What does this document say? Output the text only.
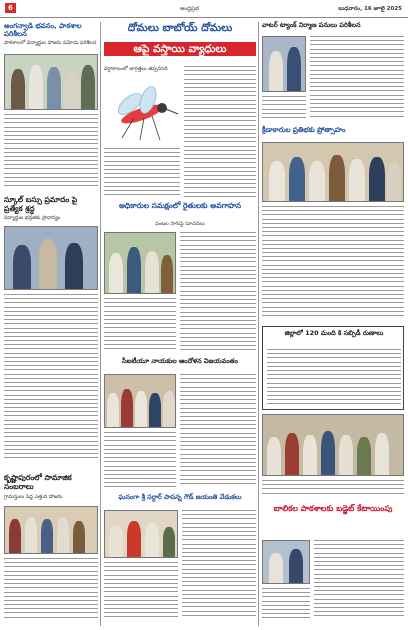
6	ఆంధ్రప్రభ	బుధవారం, 16 జూలై 2025
అంగన్వాడి భవనం, పాఠశాల పరిశీలన
పాఠశాలలో విద్యార్థుల హాజరు నమోదు పరిశీలన
స్కూల్ బస్సు ప్రమాదం పై ప్రత్యేక శ్రద్ధ
విద్యార్థుల భద్రతకు ప్రాధాన్యం
కృష్ణాపురంలో సామాజిక సంబరాలు
గ్రామస్తులు పెద్ద ఎత్తున హాజరు
దోమలు బాబోయ్ దోమలు
ఆపై వస్తాయి వ్యాధులు
వర్షాకాలంలో జాగ్రత్తలు తప్పనిసరి
అధికారుల సమక్షంలో రైతులకు అవగాహన
పంటల సాగుపై సూచనలు
సీఐటీయూ నాయకుల ఆందోళన విజయవంతం
ఘనంగా శ్రీ సర్దార్ పాపన్న గౌడ్ జయంతి వేడుకలు
వాటర్ ట్యాంక్ నిర్మాణ పనులు పరిశీలన
క్రీడాకారుల ప్రతిభకు ప్రోత్సాహం
జిల్లాలో 120 మంది కి సబ్సిడీ రుణాలు
బాలికల పాఠశాలకు బడ్జెట్ కేటాయింపు
